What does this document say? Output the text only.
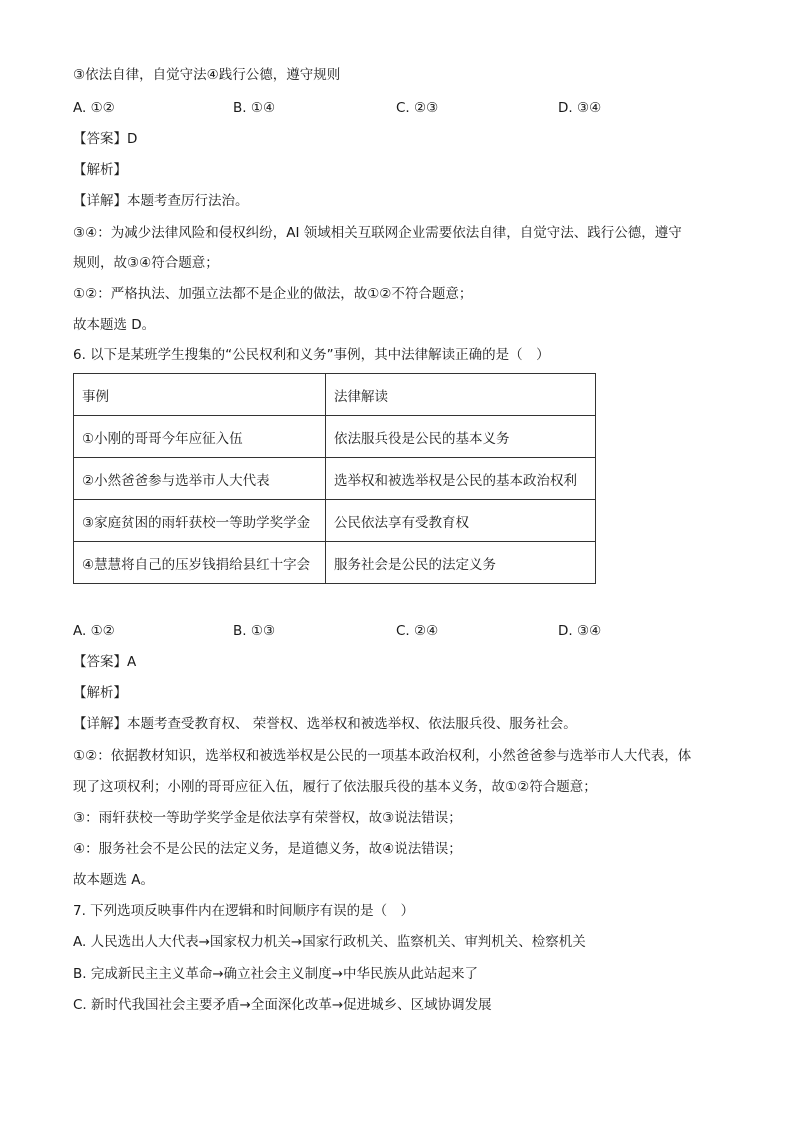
③依法自律，自觉守法④践行公德，遵守规则
A. ①②	B. ①④	C. ②③	D. ③④
【答案】D
【解析】
【详解】本题考查厉行法治。
③④：为减少法律风险和侵权纠纷，AI 领域相关互联网企业需要依法自律，自觉守法、践行公德，遵守
规则，故③④符合题意；
①②：严格执法、加强立法都不是企业的做法，故①②不符合题意；
故本题选 D。
6. 以下是某班学生搜集的“公民权利和义务”事例，其中法律解读正确的是（　）
事例	法律解读
①小刚的哥哥今年应征入伍	依法服兵役是公民的基本义务
②小然爸爸参与选举市人大代表	选举权和被选举权是公民的基本政治权利
③家庭贫困的雨轩获校一等助学奖学金	公民依法享有受教育权
④慧慧将自己的压岁钱捐给县红十字会	服务社会是公民的法定义务
A. ①②	B. ①③	C. ②④	D. ③④
【答案】A
【解析】
【详解】本题考查受教育权、 荣誉权、选举权和被选举权、依法服兵役、服务社会。
①②：依据教材知识，选举权和被选举权是公民的一项基本政治权利，小然爸爸参与选举市人大代表，体
现了这项权利；小刚的哥哥应征入伍，履行了依法服兵役的基本义务，故①②符合题意；
③：雨轩获校一等助学奖学金是依法享有荣誉权，故③说法错误；
④：服务社会不是公民的法定义务，是道德义务，故④说法错误；
故本题选 A。
7. 下列选项反映事件内在逻辑和时间顺序有误的是（　）
A. 人民选出人大代表→国家权力机关→国家行政机关、监察机关、审判机关、检察机关
B. 完成新民主主义革命→确立社会主义制度→中华民族从此站起来了
C. 新时代我国社会主要矛盾→全面深化改革→促进城乡、区域协调发展
